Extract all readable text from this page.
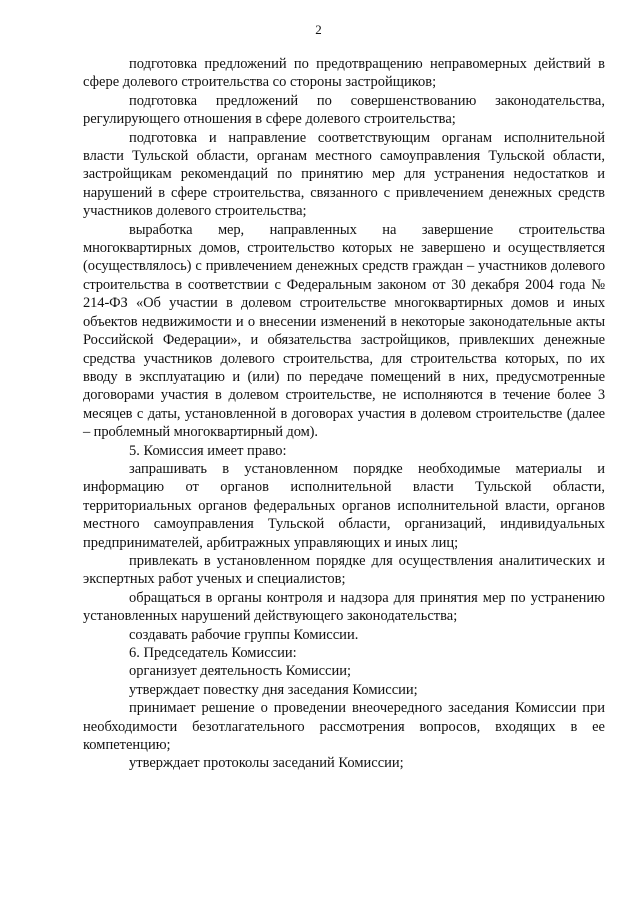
2

подготовка предложений по предотвращению неправомерных действий в сфере долевого строительства со стороны застройщиков;

подготовка предложений по совершенствованию законодательства, регулирующего отношения в сфере долевого строительства;

подготовка и направление соответствующим органам исполнительной власти Тульской области, органам местного самоуправления Тульской области, застройщикам рекомендаций по принятию мер для устранения недостатков и нарушений в сфере строительства, связанного с привлечением денежных средств участников долевого строительства;

выработка мер, направленных на завершение строительства многоквартирных домов, строительство которых не завершено и осуществляется (осуществлялось) с привлечением денежных средств граждан – участников долевого строительства в соответствии с Федеральным законом от 30 декабря 2004 года № 214-ФЗ «Об участии в долевом строительстве многоквартирных домов и иных объектов недвижимости и о внесении изменений в некоторые законодательные акты Российской Федерации», и обязательства застройщиков, привлекших денежные средства участников долевого строительства, для строительства которых, по их вводу в эксплуатацию и (или) по передаче помещений в них, предусмотренные договорами участия в долевом строительстве, не исполняются в течение более 3 месяцев с даты, установленной в договорах участия в долевом строительстве (далее – проблемный многоквартирный дом).

5. Комиссия имеет право:

запрашивать в установленном порядке необходимые материалы и информацию от органов исполнительной власти Тульской области, территориальных органов федеральных органов исполнительной власти, органов местного самоуправления Тульской области, организаций, индивидуальных предпринимателей, арбитражных управляющих и иных лиц;

привлекать в установленном порядке для осуществления аналитических и экспертных работ ученых и специалистов;

обращаться в органы контроля и надзора для принятия мер по устранению установленных нарушений действующего законодательства;

создавать рабочие группы Комиссии.

6. Председатель Комиссии:

организует деятельность Комиссии;

утверждает повестку дня заседания Комиссии;

принимает решение о проведении внеочередного заседания Комиссии при необходимости безотлагательного рассмотрения вопросов, входящих в ее компетенцию;

утверждает протоколы заседаний Комиссии;
